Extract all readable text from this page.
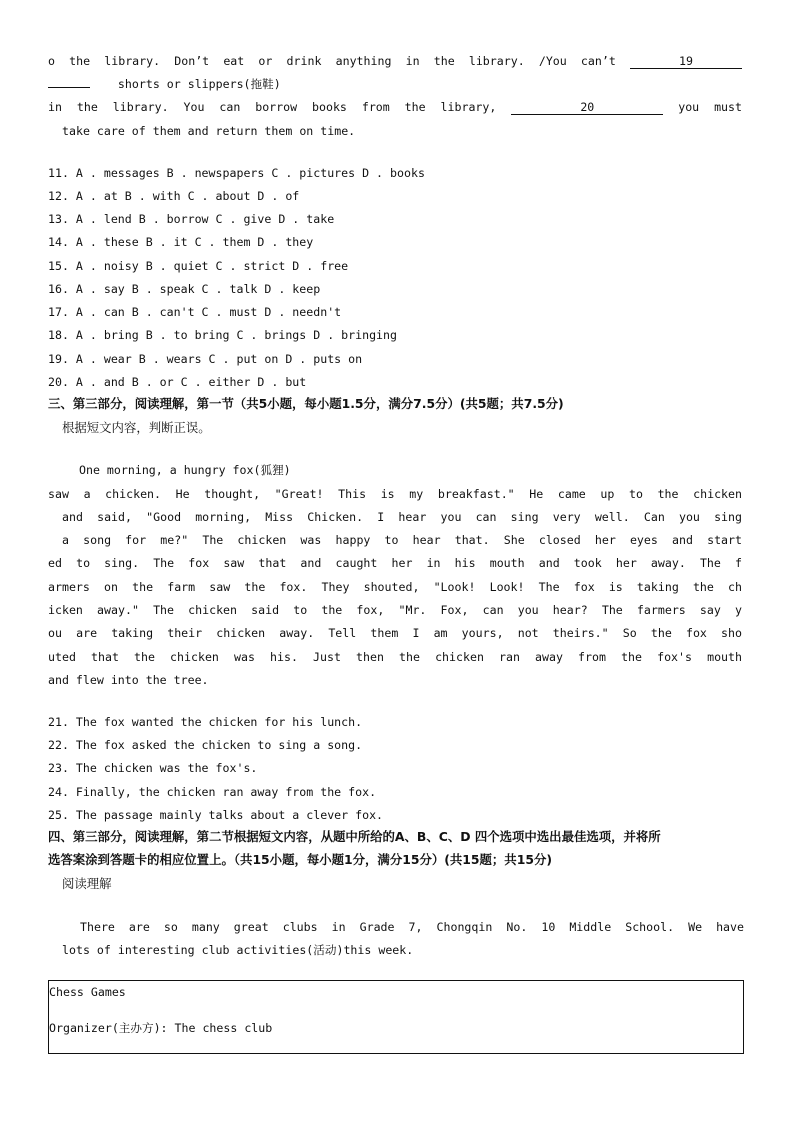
o the library. Don’t eat or drink anything in the library. /You can’t	19
shorts or slippers(拖鞋)
in the library. You can borrow books from the library,	20	you must
take care of them and return them on time.
11. A . messages B . newspapers C . pictures D . books
12. A . at B . with C . about D . of
13. A . lend B . borrow C . give D . take
14. A . these B . it C . them D . they
15. A . noisy B . quiet C . strict D . free
16. A . say B . speak C . talk D . keep
17. A . can B . can't C . must D . needn't
18. A . bring B . to bring C . brings D . bringing
19. A . wear B . wears C . put on D . puts on
20. A . and B . or C . either D . but
三、第三部分，阅读理解，第一节（共5小题，每小题1.5分，满分7.5分）(共5题；共7.5分)
根据短文内容，判断正误。
One morning, a hungry fox(狐狸)
saw a chicken. He thought, "Great! This is my breakfast." He came up to the chicken
and said, "Good morning, Miss Chicken. I hear you can sing very well. Can you sing
a song for me?" The chicken was happy to hear that. She closed her eyes and start
ed to sing. The fox saw that and caught her in his mouth and took her away. The f
armers on the farm saw the fox. They shouted, "Look! Look! The fox is taking the ch
icken away." The chicken said to the fox, "Mr. Fox, can you hear? The farmers say y
ou are taking their chicken away. Tell them I am yours, not theirs." So the fox sho
uted that the chicken was his. Just then the chicken ran away from the fox's mouth
and flew into the tree.
21. The fox wanted the chicken for his lunch.
22. The fox asked the chicken to sing a song.
23. The chicken was the fox's.
24. Finally, the chicken ran away from the fox.
25. The passage mainly talks about a clever fox.
四、第三部分，阅读理解，第二节根据短文内容，从题中所给的A、B、C、D 四个选项中选出最佳选项，并将所
选答案涂到答题卡的相应位置上。（共15小题，每小题1分，满分15分）(共15题；共15分)
阅读理解
There are so many great clubs in Grade 7, Chongqin No. 10 Middle School. We have
lots of interesting club activities(活动)this week.
Chess Games
Organizer(主办方): The chess club
